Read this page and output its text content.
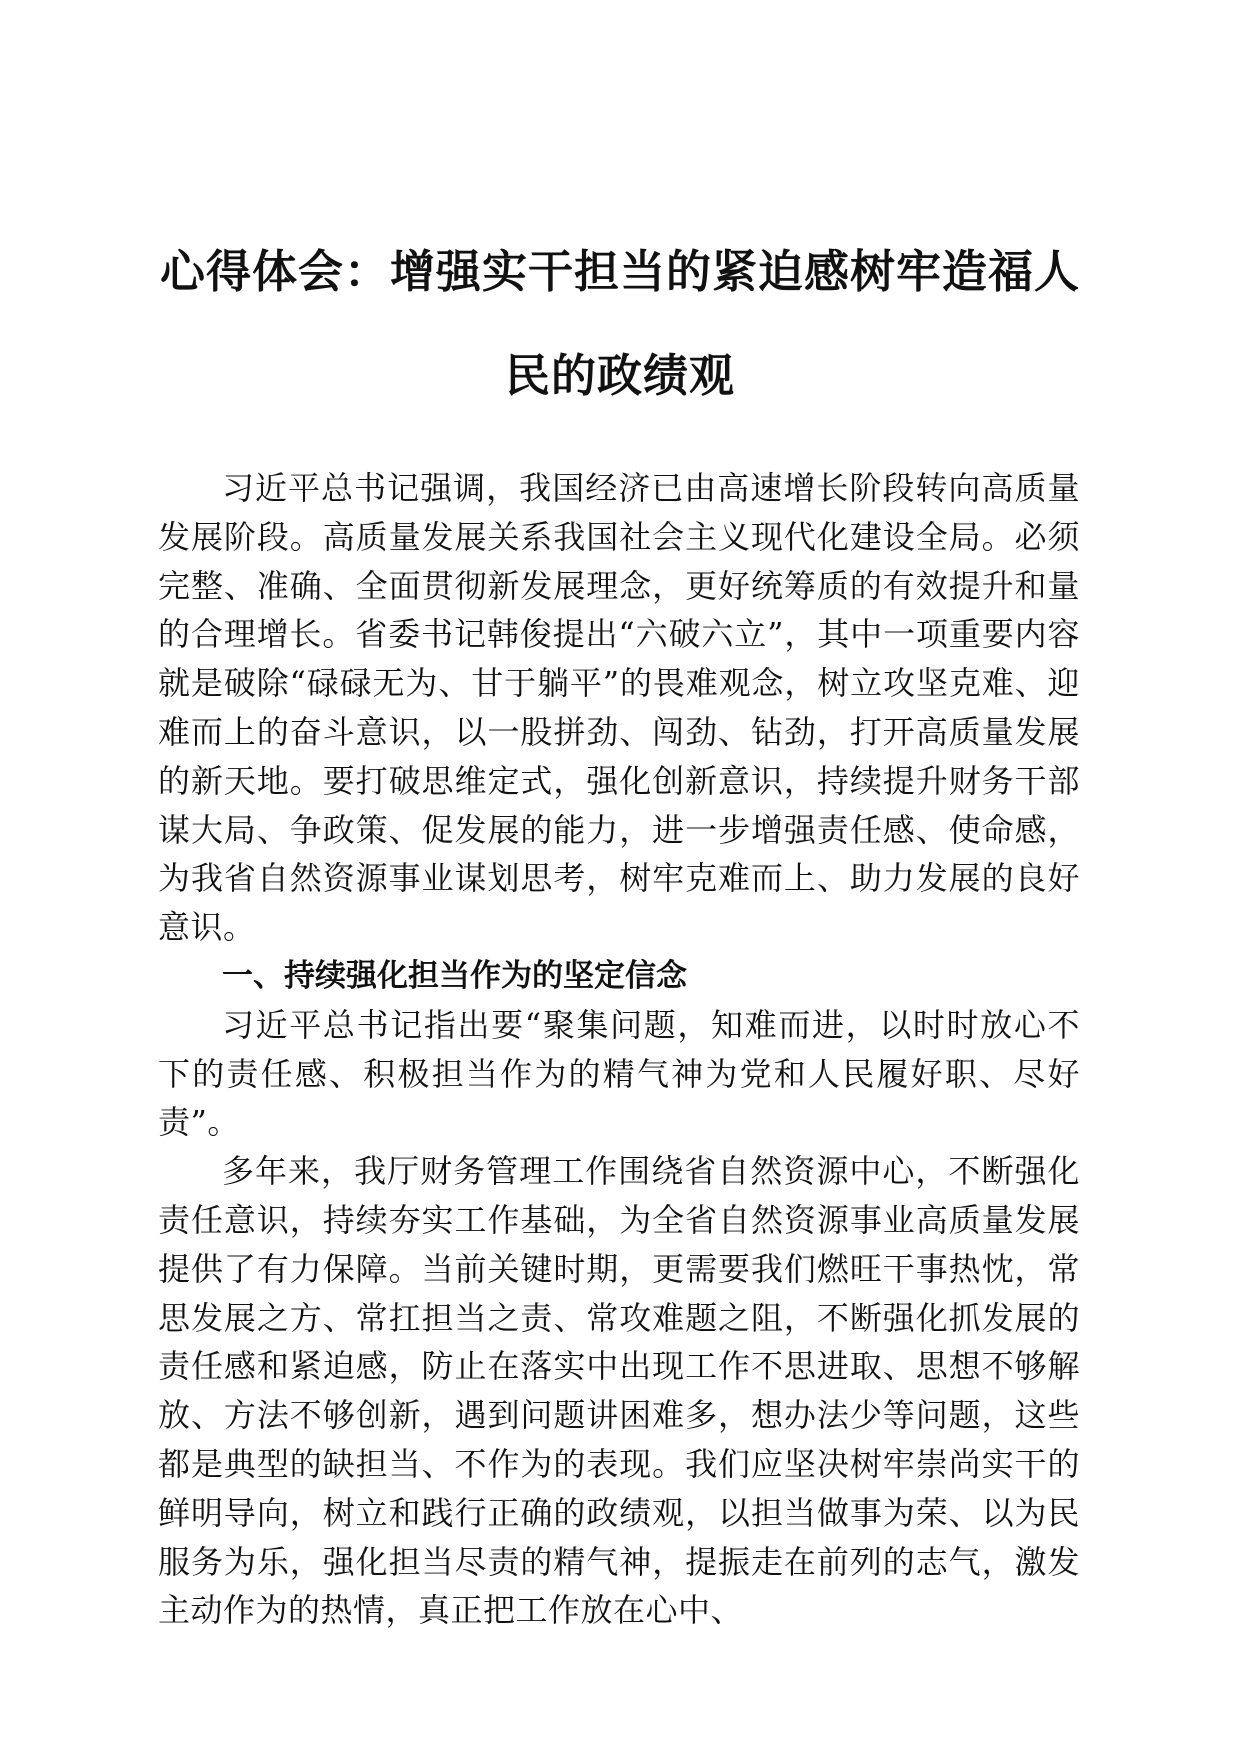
心得体会：增强实干担当的紧迫感树牢造福人
民的政绩观

习近平总书记强调，我国经济已由高速增长阶段转向高质量发展阶段。高质量发展关系我国社会主义现代化建设全局。必须完整、准确、全面贯彻新发展理念，更好统筹质的有效提升和量的合理增长。省委书记韩俊提出“六破六立”，其中一项重要内容就是破除“碌碌无为、甘于躺平”的畏难观念，树立攻坚克难、迎难而上的奋斗意识，以一股拼劲、闯劲、钻劲，打开高质量发展的新天地。要打破思维定式，强化创新意识，持续提升财务干部谋大局、争政策、促发展的能力，进一步增强责任感、使命感，为我省自然资源事业谋划思考，树牢克难而上、助力发展的良好意识。

一、持续强化担当作为的坚定信念

习近平总书记指出要“聚集问题，知难而进，以时时放心不下的责任感、积极担当作为的精气神为党和人民履好职、尽好责”。

多年来，我厅财务管理工作围绕省自然资源中心，不断强化责任意识，持续夯实工作基础，为全省自然资源事业高质量发展提供了有力保障。当前关键时期，更需要我们燃旺干事热忱，常思发展之方、常扛担当之责、常攻难题之阻，不断强化抓发展的责任感和紧迫感，防止在落实中出现工作不思进取、思想不够解放、方法不够创新，遇到问题讲困难多，想办法少等问题，这些都是典型的缺担当、不作为的表现。我们应坚决树牢崇尚实干的鲜明导向，树立和践行正确的政绩观，以担当做事为荣、以为民服务为乐，强化担当尽责的精气神，提振走在前列的志气，激发主动作为的热情，真正把工作放在心中、
